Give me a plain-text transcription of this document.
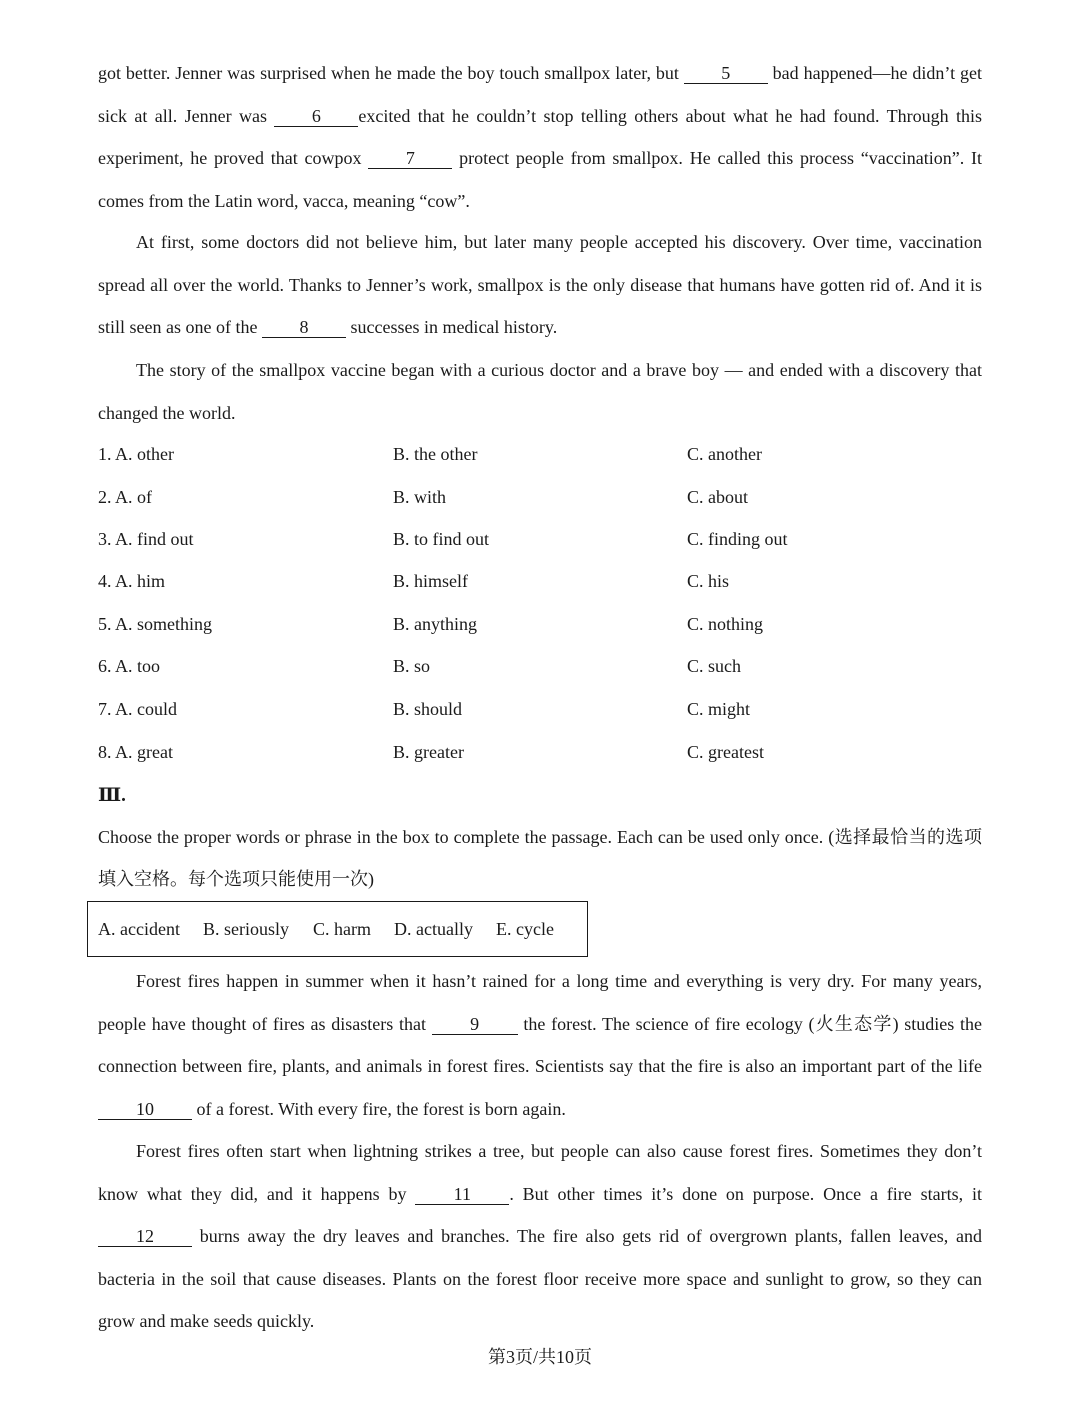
got better. Jenner was surprised when he made the boy touch smallpox later, but 5 bad happened—he didn’t get sick at all. Jenner was 6 excited that he couldn’t stop telling others about what he had found. Through this experiment, he proved that cowpox 7 protect people from smallpox. He called this process “vaccination”. It comes from the Latin word, vacca, meaning “cow”.

At first, some doctors did not believe him, but later many people accepted his discovery. Over time, vaccination spread all over the world. Thanks to Jenner’s work, smallpox is the only disease that humans have gotten rid of. And it is still seen as one of the 8 successes in medical history.

The story of the smallpox vaccine began with a curious doctor and a brave boy — and ended with a discovery that changed the world.

1. A. other	B. the other	C. another
2. A. of	B. with	C. about
3. A. find out	B. to find out	C. finding out
4. A. him	B. himself	C. his
5. A. something	B. anything	C. nothing
6. A. too	B. so	C. such
7. A. could	B. should	C. might
8. A. great	B. greater	C. greatest
Ⅲ.

Choose the proper words or phrase in the box to complete the passage. Each can be used only once. (选择最恰当的选项填入空格。每个选项只能使用一次)

A. accident B. seriously C. harm D. actually E. cycle

Forest fires happen in summer when it hasn’t rained for a long time and everything is very dry. For many years, people have thought of fires as disasters that 9 the forest. The science of fire ecology (火生态学) studies the connection between fire, plants, and animals in forest fires. Scientists say that the fire is also an important part of the life 10 of a forest. With every fire, the forest is born again.

Forest fires often start when lightning strikes a tree, but people can also cause forest fires. Sometimes they don’t know what they did, and it happens by 11 . But other times it’s done on purpose. Once a fire starts, it 12 burns away the dry leaves and branches. The fire also gets rid of overgrown plants, fallen leaves, and bacteria in the soil that cause diseases. Plants on the forest floor receive more space and sunlight to grow, so they can grow and make seeds quickly.

第3页/共10页
